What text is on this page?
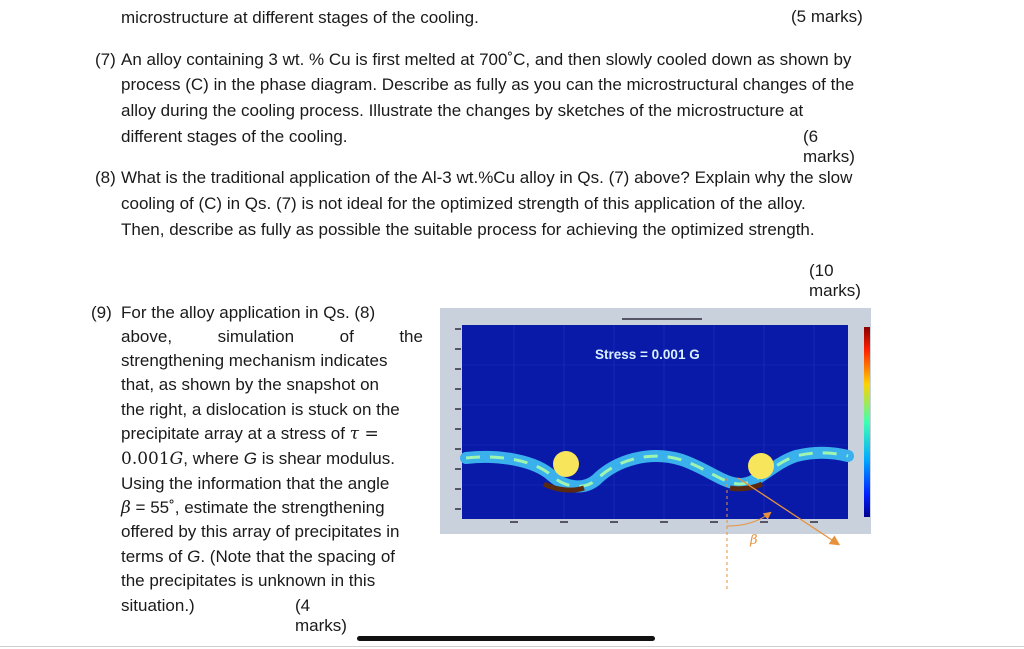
microstructure at different stages of the cooling.	(5 marks)
(7) An alloy containing 3 wt. % Cu is first melted at 700˚C, and then slowly cooled down as shown by
process (C) in the phase diagram. Describe as fully as you can the microstructural changes of the
alloy during the cooling process. Illustrate the changes by sketches of the microstructure at
different stages of the cooling.	(6 marks)
(8) What is the traditional application of the Al-3 wt.%Cu alloy in Qs. (7) above? Explain why the slow
cooling of (C) in Qs. (7) is not ideal for the optimized strength of this application of the alloy.
Then, describe as fully as possible the suitable process for achieving the optimized strength.
(10 marks)
(9) For the alloy application in Qs. (8)
above,	simulation	of	the
strengthening mechanism indicates
that, as shown by the snapshot on
the right, a dislocation is stuck on the
precipitate array at a stress of τ =
0.001G, where G is shear modulus.
Using the information that the angle
β = 55˚, estimate the strengthening
offered by this array of precipitates in
terms of G. (Note that the spacing of
the precipitates is unknown in this
situation.)	(4 marks)
Stress = 0.001 G
β
